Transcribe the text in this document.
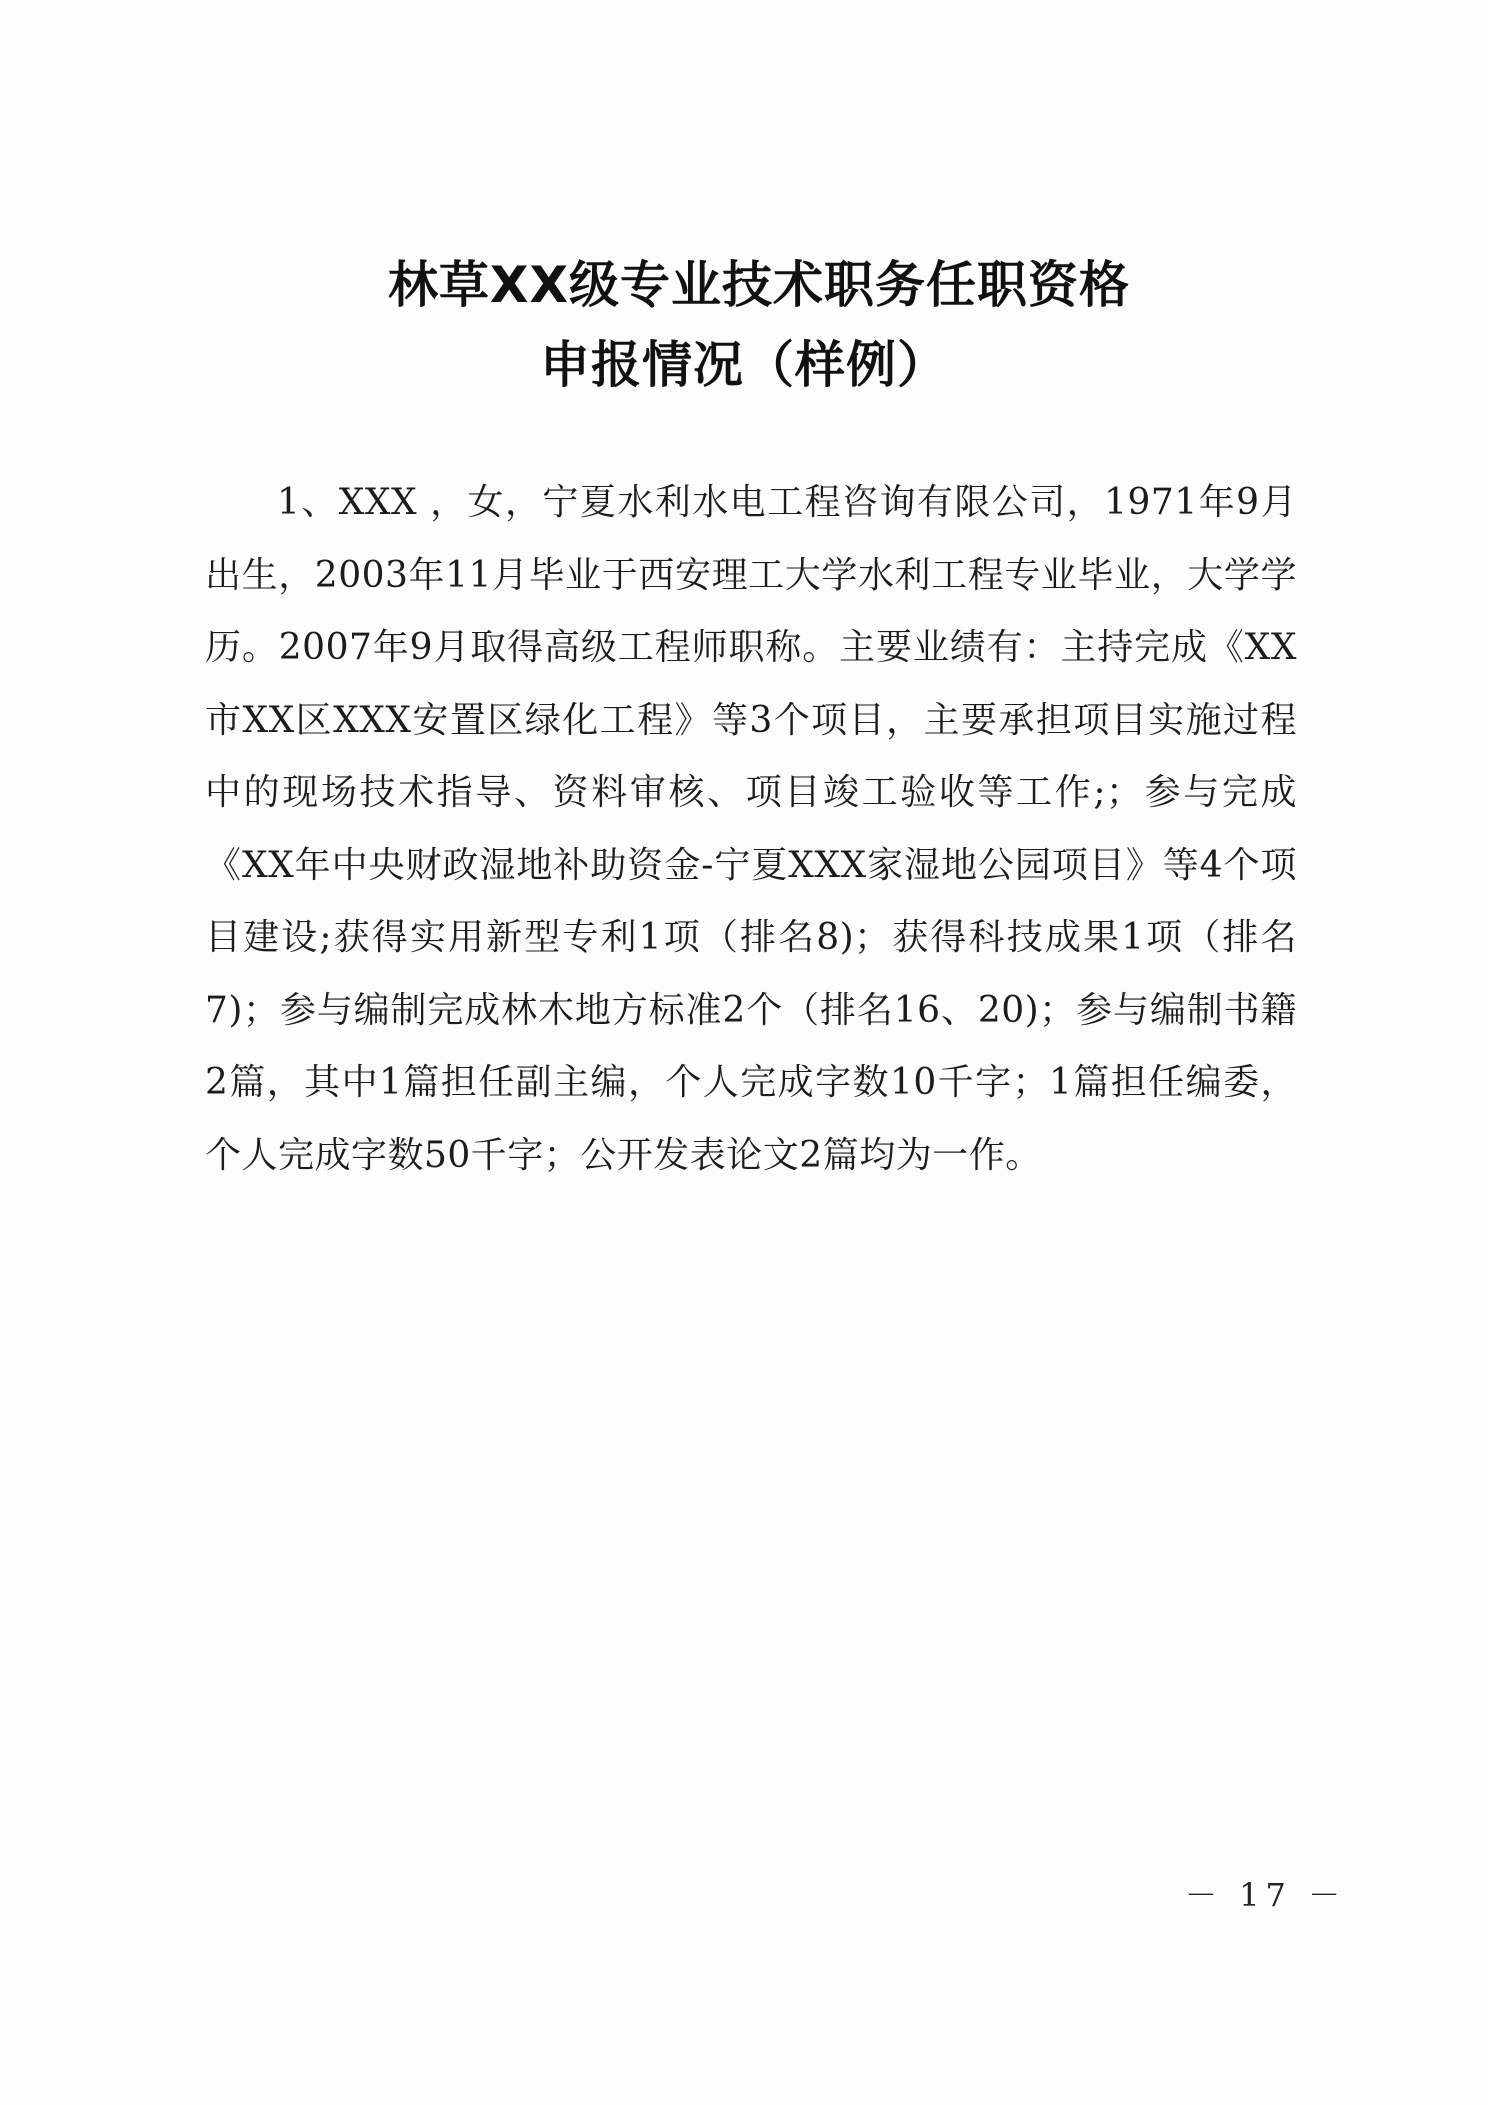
林草XX级专业技术职务任职资格
申报情况（样例）

1、XXX ，女，宁夏水利水电工程咨询有限公司，1971年9月出生，2003年11月毕业于西安理工大学水利工程专业毕业，大学学历。2007年9月取得高级工程师职称。主要业绩有：主持完成《XX市XX区XXX安置区绿化工程》等3个项目，主要承担项目实施过程中的现场技术指导、资料审核、项目竣工验收等工作;；参与完成《XX年中央财政湿地补助资金-宁夏XXX家湿地公园项目》等4个项目建设;获得实用新型专利1项（排名8)；获得科技成果1项（排名7)；参与编制完成林木地方标准2个（排名16、20)；参与编制书籍2篇，其中1篇担任副主编，个人完成字数10千字；1篇担任编委，个人完成字数50千字；公开发表论文2篇均为一作。

－ 17 －
